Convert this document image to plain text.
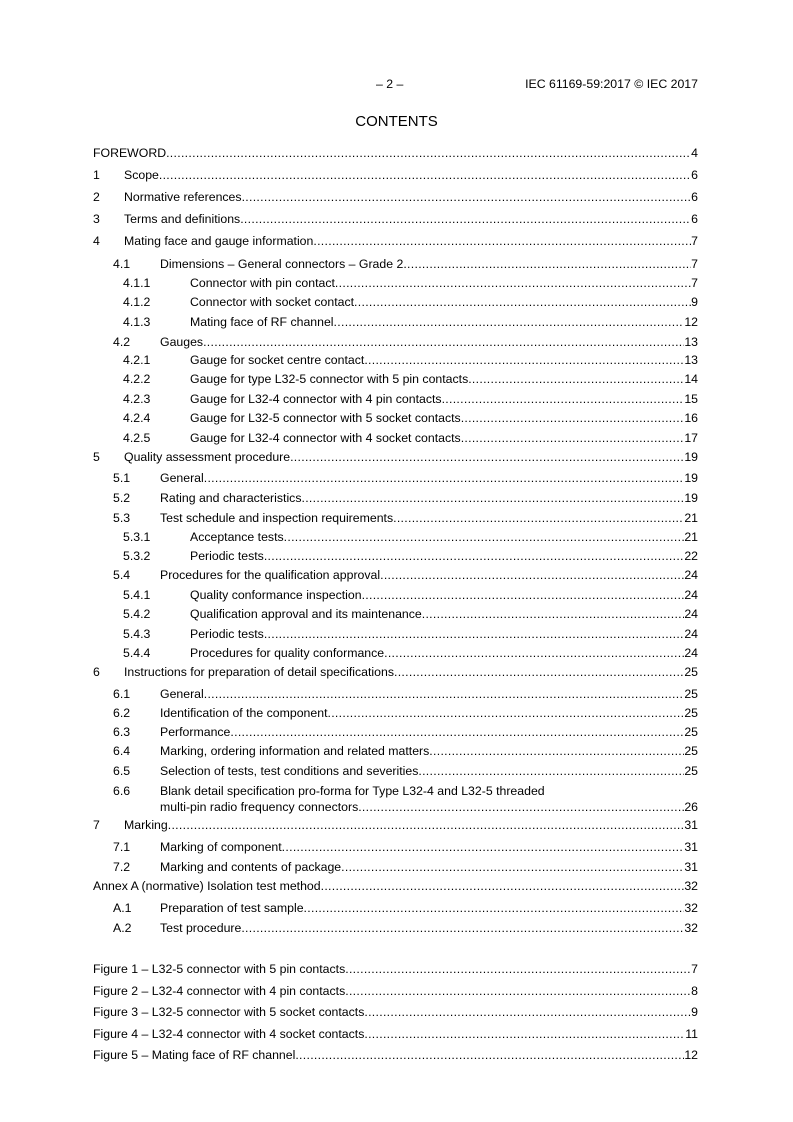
– 2 –	IEC 61169-59:2017 © IEC 2017
CONTENTS
FOREWORD .....	4
1 Scope .....	6
2 Normative references .....	6
3 Terms and definitions .....	6
4 Mating face and gauge information .....	7
4.1 Dimensions – General connectors – Grade 2 .....	7
4.1.1	Connector with pin contact .....	7
4.1.2	Connector with socket contact .....	9
4.1.3	Mating face of RF channel .....	12
4.2 Gauges .....	13
4.2.1	Gauge for socket centre contact .....	13
4.2.2	Gauge for type L32-5 connector with 5 pin contacts .....	14
4.2.3	Gauge for L32-4 connector with 4 pin contacts .....	15
4.2.4	Gauge for L32-5 connector with 5 socket contacts .....	16
4.2.5	Gauge for L32-4 connector with 4 socket contacts .....	17
5 Quality assessment procedure .....	19
5.1 General .....	19
5.2 Rating and characteristics .....	19
5.3 Test schedule and inspection requirements .....	21
5.3.1	Acceptance tests .....	21
5.3.2	Periodic tests .....	22
5.4 Procedures for the qualification approval .....	24
5.4.1	Quality conformance inspection .....	24
5.4.2	Qualification approval and its maintenance .....	24
5.4.3	Periodic tests .....	24
5.4.4	Procedures for quality conformance .....	24
6 Instructions for preparation of detail specifications .....	25
6.1 General .....	25
6.2 Identification of the component .....	25
6.3 Performance .....	25
6.4 Marking, ordering information and related matters .....	25
6.5 Selection of tests, test conditions and severities .....	25
6.6 Blank detail specification pro-forma for Type L32-4 and L32-5 threaded
multi-pin radio frequency connectors .....	26
7 Marking .....	31
7.1 Marking of component .....	31
7.2 Marking and contents of package .....	31
Annex A (normative) Isolation test method .....	32
A.1 Preparation of test sample .....	32
A.2 Test procedure .....	32
Figure 1 – L32-5 connector with 5 pin contacts .....	7
Figure 2 – L32-4 connector with 4 pin contacts .....	8
Figure 3 – L32-5 connector with 5 socket contacts .....	9
Figure 4 – L32-4 connector with 4 socket contacts .....	11
Figure 5 – Mating face of RF channel .....	12
